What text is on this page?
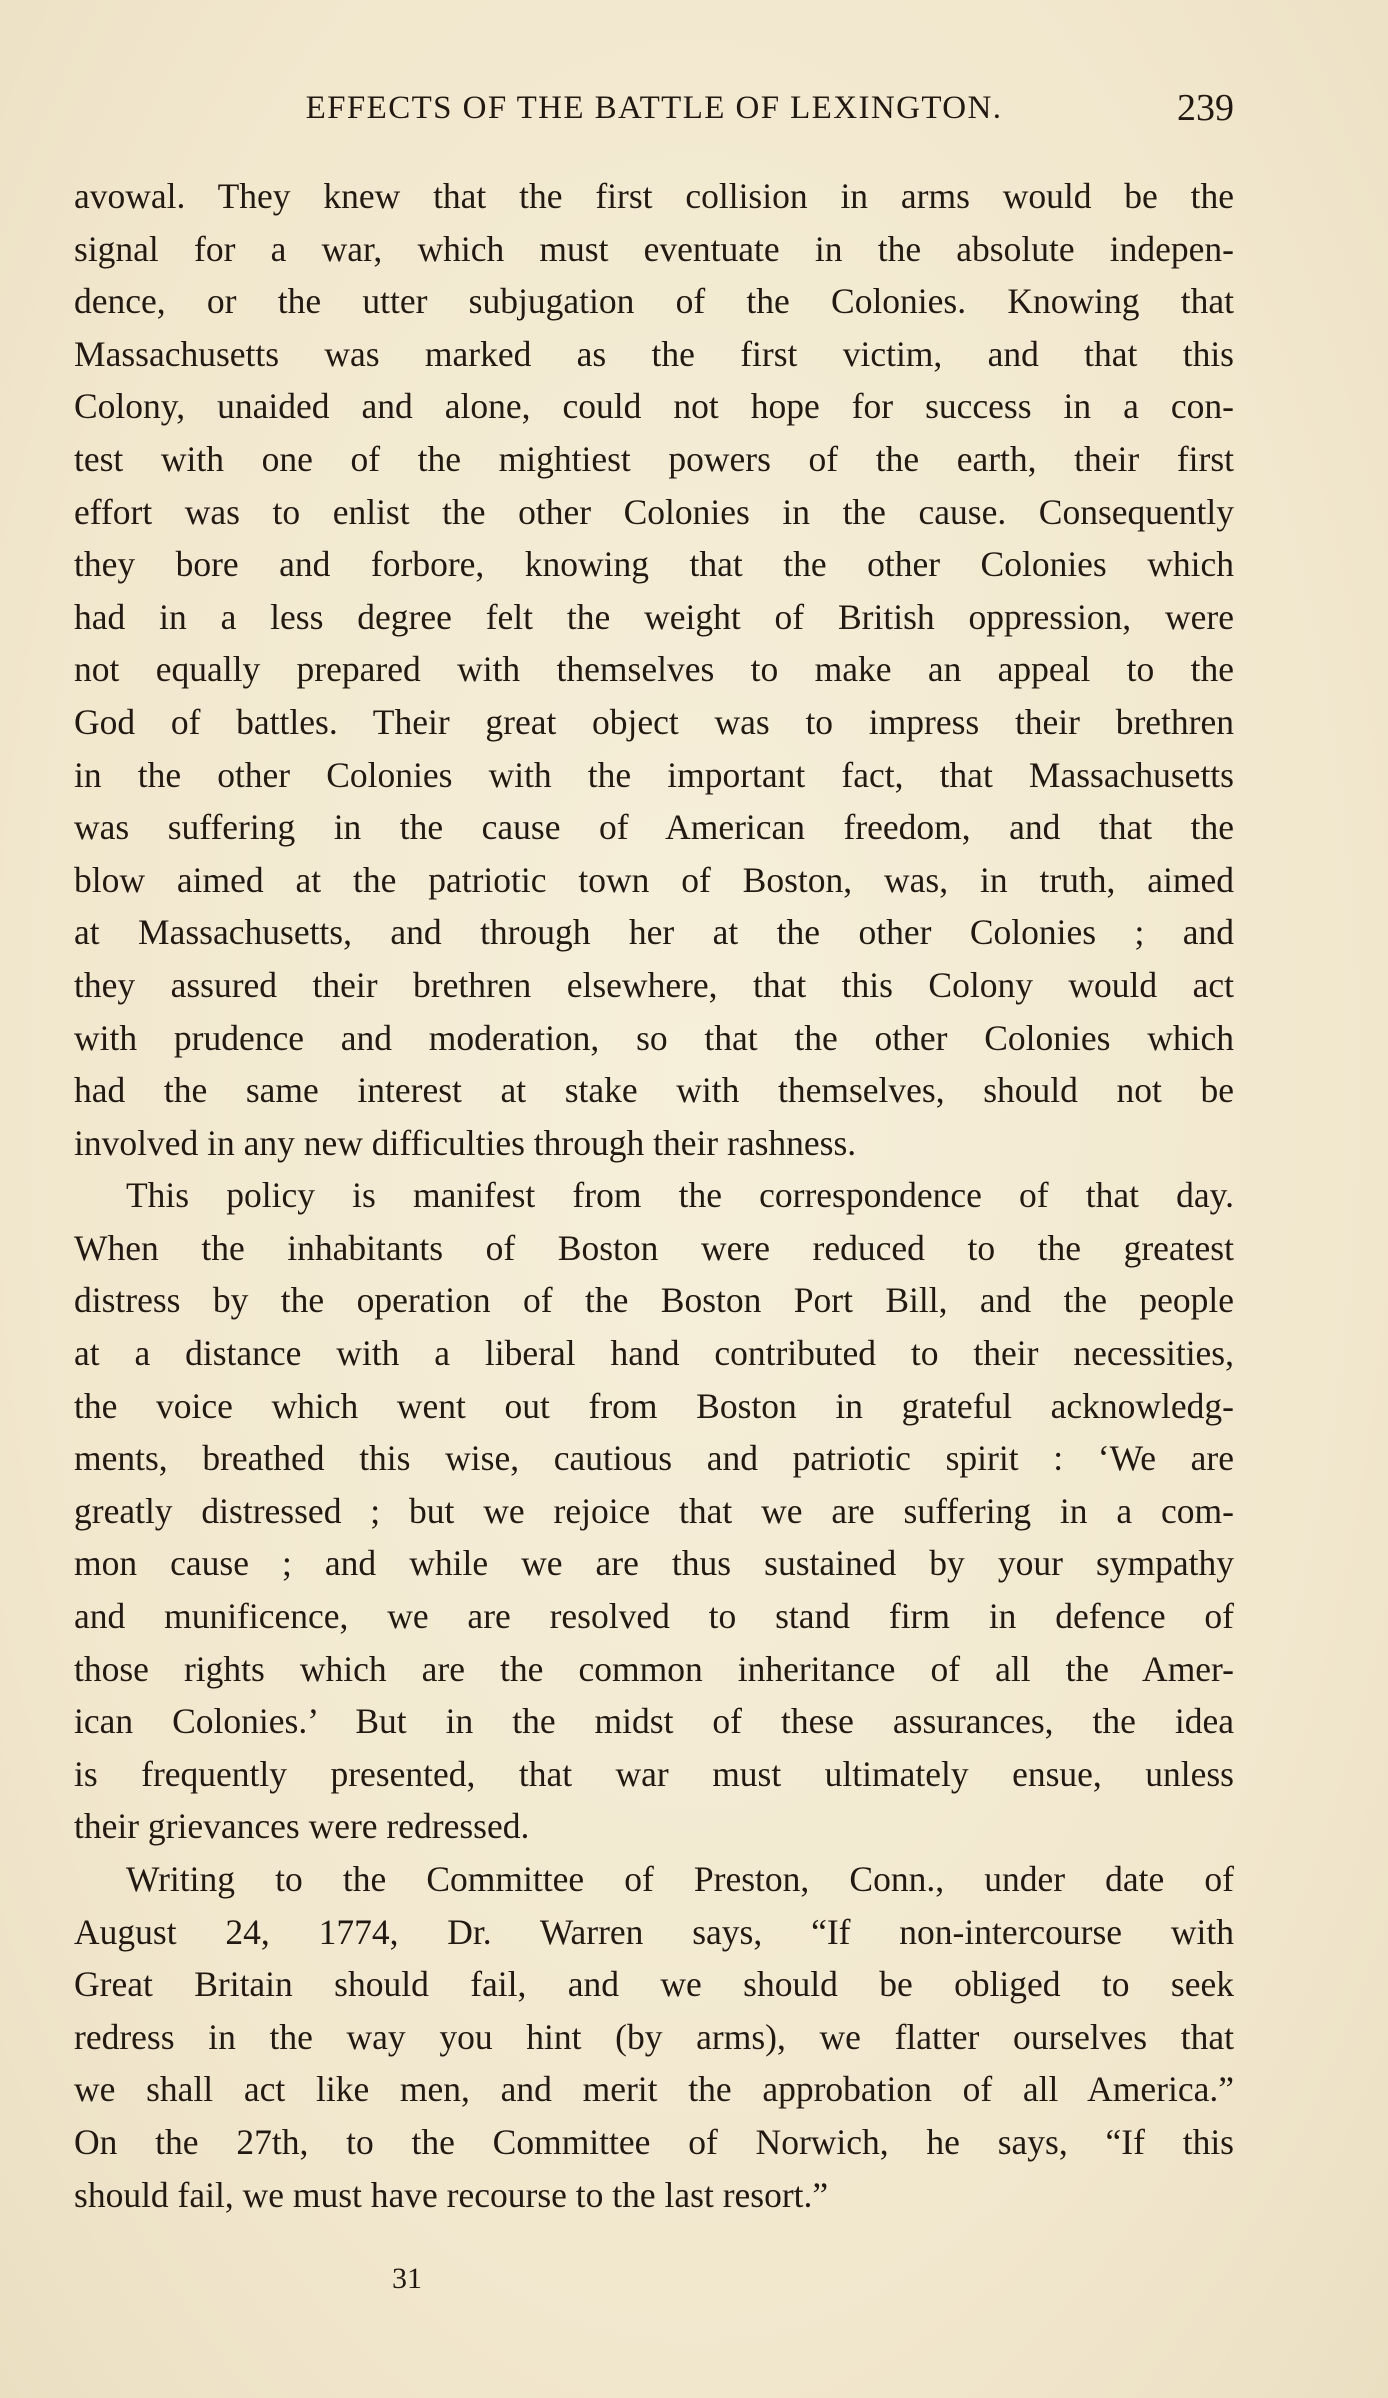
EFFECTS OF THE BATTLE OF LEXINGTON.	239

avowal. They knew that the first collision in arms would be the
signal for a war, which must eventuate in the absolute indepen-
dence, or the utter subjugation of the Colonies. Knowing that
Massachusetts was marked as the first victim, and that this
Colony, unaided and alone, could not hope for success in a con-
test with one of the mightiest powers of the earth, their first
effort was to enlist the other Colonies in the cause. Consequently
they bore and forbore, knowing that the other Colonies which
had in a less degree felt the weight of British oppression, were
not equally prepared with themselves to make an appeal to the
God of battles. Their great object was to impress their brethren
in the other Colonies with the important fact, that Massachusetts
was suffering in the cause of American freedom, and that the
blow aimed at the patriotic town of Boston, was, in truth, aimed
at Massachusetts, and through her at the other Colonies ; and
they assured their brethren elsewhere, that this Colony would act
with prudence and moderation, so that the other Colonies which
had the same interest at stake with themselves, should not be
involved in any new difficulties through their rashness.

This policy is manifest from the correspondence of that day.
When the inhabitants of Boston were reduced to the greatest
distress by the operation of the Boston Port Bill, and the people
at a distance with a liberal hand contributed to their necessities,
the voice which went out from Boston in grateful acknowledg-
ments, breathed this wise, cautious and patriotic spirit : ‘We are
greatly distressed ; but we rejoice that we are suffering in a com-
mon cause ; and while we are thus sustained by your sympathy
and munificence, we are resolved to stand firm in defence of
those rights which are the common inheritance of all the Amer-
ican Colonies.’ But in the midst of these assurances, the idea
is frequently presented, that war must ultimately ensue, unless
their grievances were redressed.

Writing to the Committee of Preston, Conn., under date of
August 24, 1774, Dr. Warren says, “If non-intercourse with
Great Britain should fail, and we should be obliged to seek
redress in the way you hint (by arms), we flatter ourselves that
we shall act like men, and merit the approbation of all America.”
On the 27th, to the Committee of Norwich, he says, “If this
should fail, we must have recourse to the last resort.”

31
